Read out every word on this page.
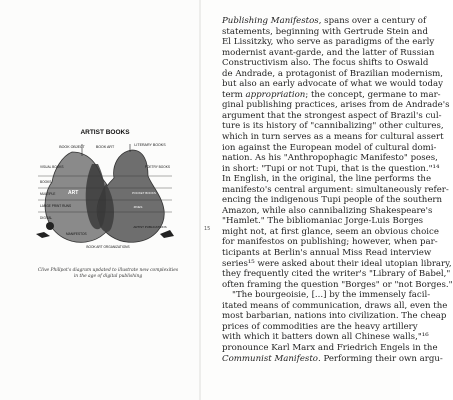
ARTIST BOOKS
BOOK OBJECT	BOOK ART	LITERARY BOOKS
VISUAL BOOKS	POETRY BOOKS
BOOKS
MULTIPLE
LARGE PRINT RUNS
DIGITAL
ART
MANIFESTOS
ARTIST PUBLICATIONS
BOOK ART ORGANIZATIONS
POCKET BOOKS
ZINES
Clive Phillpot's diagram updated to illustrate new complexities
in the age of digital publishing
15
Publishing Manifestos, spans over a century of
statements, beginning with Gertrude Stein and
El Lissitzky, who serve as paradigms of the early
modernist avant-garde, and the latter of Russian
Constructivism also. The focus shifts to Oswald
de Andrade, a protagonist of Brazilian modernism,
but also an early advocate of what we would today
term appropriation; the concept, germane to mar-
ginal publishing practices, arises from de Andrade's
argument that the strongest aspect of Brazil's cul-
ture is its history of "cannibalizing" other cultures,
which in turn serves as a means for cultural assert
ion against the European model of cultural domi-
nation. As his "Anthropophagic Manifesto" poses,
in short: "Tupi or not Tupi, that is the question."¹⁴
In English, in the original, the line performs the
manifesto's central argument: simultaneously refer-
encing the indigenous Tupi people of the southern
Amazon, while also cannibalizing Shakespeare's
"Hamlet." The bibliomaniac Jorge-Luis Borges
might not, at first glance, seem an obvious choice
for manifestos on publishing; however, when par-
ticipants at Berlin's annual Miss Read interview
series¹⁵ were asked about their ideal utopian library,
they frequently cited the writer's "Library of Babel,"
often framing the question "Borges" or "not Borges."
"The bourgeoisie, [...] by the immensely facil-
itated means of communication, draws all, even the
most barbarian, nations into civilization. The cheap
prices of commodities are the heavy artillery
with which it batters down all Chinese walls,"¹⁶
pronounce Karl Marx and Friedrich Engels in the
Communist Manifesto. Performing their own argu-
